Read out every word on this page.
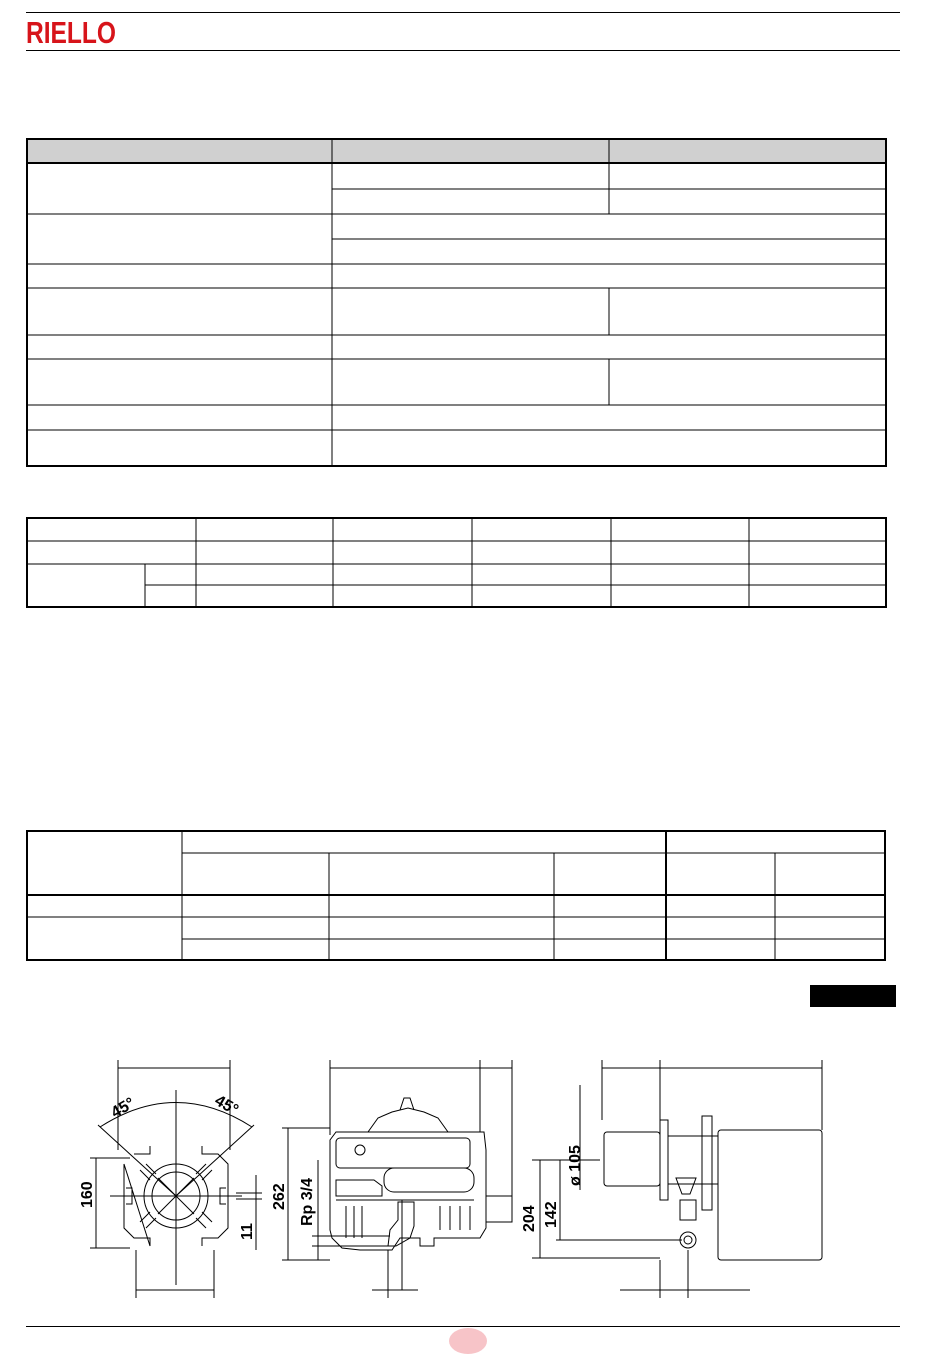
RIELLO
45°	45°
160
11
262 Rp 3/4	204 142
ø 105
